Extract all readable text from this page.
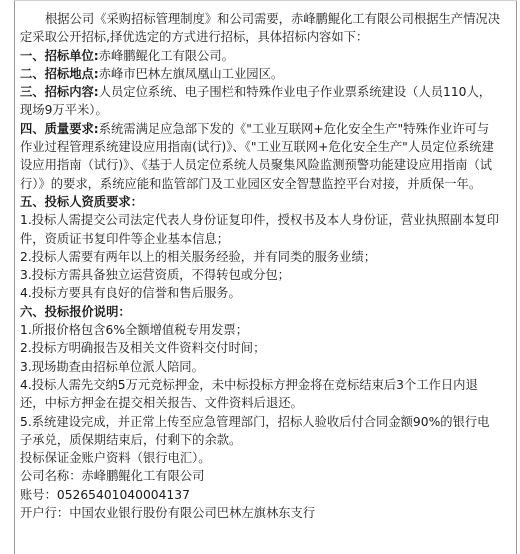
根据公司《采购招标管理制度》和公司需要，赤峰鹏鲲化工有限公司根据生产情况决定采取公开招标,择优选定的方式进行招标，具体招标内容如下：

一、招标单位:赤峰鹏鲲化工有限公司。

二、招标地点:赤峰市巴林左旗凤凰山工业园区。

三、招标内容:人员定位系统、电子围栏和特殊作业电子作业票系统建设（人员110人，现场9万平米）。

四、质量要求:系统需满足应急部下发的《"工业互联网+危化安全生产"特殊作业许可与作业过程管理系统建设应用指南(试行)》、《"工业互联网+危化安全生产"人员定位系统建设应用指南（试行)》、《基于人员定位系统人员聚集风险监测预警功能建设应用指南（试行）》的要求，系统应能和监管部门及工业园区安全智慧监控平台对接，并质保一年。

五、投标人资质要求：

1.投标人需提交公司法定代表人身份证复印件，授权书及本人身份证，营业执照副本复印件，资质证书复印件等企业基本信息；

2.投标人需要有两年以上的相关服务经验，并有同类的服务业绩；

3.投标方需具备独立运营资质，不得转包或分包；

4.投标方要具有良好的信誉和售后服务。

六、投标报价说明：

1.所报价格包含6%全额增值税专用发票；

2.投标方明确报告及相关文件资料交付时间；

3.现场勘查由招标单位派人陪同。

4.投标人需先交纳5万元竞标押金，未中标投标方押金将在竞标结束后3个工作日内退还，中标方押金在提交相关报告、文件资料后退还。

5.系统建设完成，并正常上传至应急管理部门，招标人验收后付合同金额90%的银行电子承兑，质保期结束后，付剩下的余款。

投标保证金账户资料（银行电汇）。

公司名称：赤峰鹏鲲化工有限公司

账号：05265401040004137

开户行：中国农业银行股份有限公司巴林左旗林东支行
